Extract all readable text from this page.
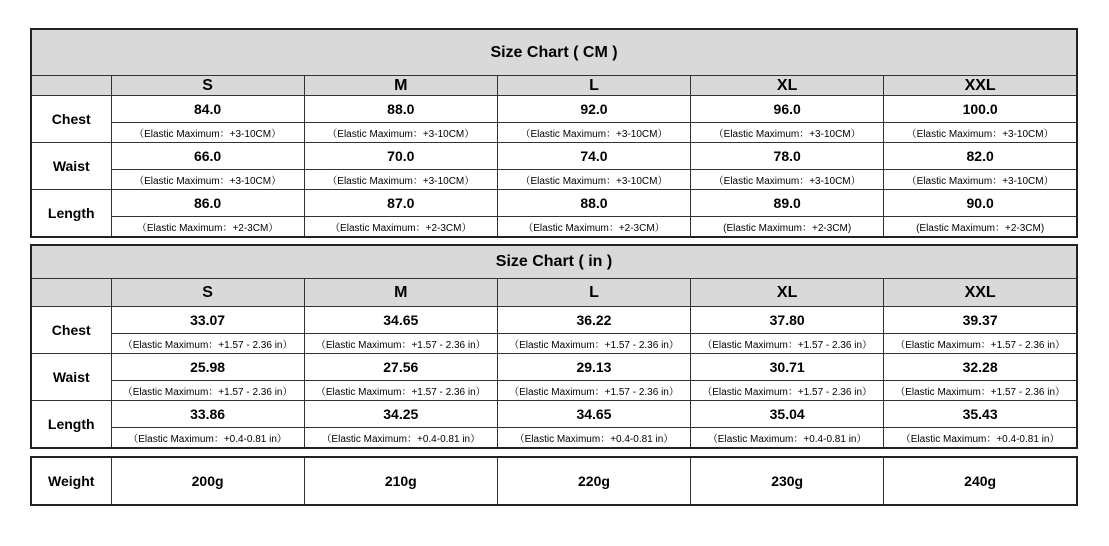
Size Chart ( CM )					
	S	M	L	XL	XXL
Chest	84.0	88.0	92.0	96.0	100.0
	（Elastic Maximum：+3-10CM）	（Elastic Maximum：+3-10CM）	（Elastic Maximum：+3-10CM）	（Elastic Maximum：+3-10CM）	（Elastic Maximum：+3-10CM）
Waist	66.0	70.0	74.0	78.0	82.0
	（Elastic Maximum：+3-10CM）	（Elastic Maximum：+3-10CM）	（Elastic Maximum：+3-10CM）	（Elastic Maximum：+3-10CM）	（Elastic Maximum：+3-10CM）
Length	86.0	87.0	88.0	89.0	90.0
	（Elastic Maximum：+2-3CM）	（Elastic Maximum：+2-3CM）	（Elastic Maximum：+2-3CM）	(Elastic Maximum：+2-3CM)	(Elastic Maximum：+2-3CM)
Size Chart ( in )					
	S	M	L	XL	XXL
Chest	33.07	34.65	36.22	37.80	39.37
	（Elastic Maximum：+1.57 - 2.36 in）	（Elastic Maximum：+1.57 - 2.36 in）	（Elastic Maximum：+1.57 - 2.36 in）	（Elastic Maximum：+1.57 - 2.36 in）	（Elastic Maximum：+1.57 - 2.36 in）
Waist	25.98	27.56	29.13	30.71	32.28
	（Elastic Maximum：+1.57 - 2.36 in）	（Elastic Maximum：+1.57 - 2.36 in）	（Elastic Maximum：+1.57 - 2.36 in）	（Elastic Maximum：+1.57 - 2.36 in）	（Elastic Maximum：+1.57 - 2.36 in）
Length	33.86	34.25	34.65	35.04	35.43
	（Elastic Maximum：+0.4-0.81 in）	（Elastic Maximum：+0.4-0.81 in）	（Elastic Maximum：+0.4-0.81 in）	（Elastic Maximum：+0.4-0.81 in）	（Elastic Maximum：+0.4-0.81 in）
Weight	200g	210g	220g	230g	240g
